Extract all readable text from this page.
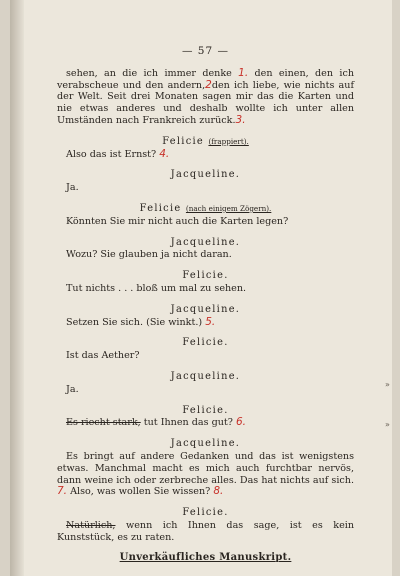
— 57 —
sehen, an die ich immer denke 1. den einen, den ich verabscheue und den andern,2den ich liebe, wie nichts auf der Welt. Seit drei Monaten sagen mir das die Karten und nie etwas anderes und deshalb wollte ich unter allen Umständen nach Frankreich zurück.3.
Felicie (frappiert).
Also das ist Ernst? 4.
Jacqueline.
Ja.
Felicie (nach einigem Zögern).
Könnten Sie mir nicht auch die Karten legen?
Jacqueline.
Wozu? Sie glauben ja nicht daran.
Felicie.
Tut nichts . . . bloß um mal zu sehen.
Jacqueline.
Setzen Sie sich. (Sie winkt.) 5.
Felicie.
Ist das Aether?
Jacqueline.
Ja.
Felicie.
Es riecht stark, tut Ihnen das gut? 6.
Jacqueline.
Es bringt auf andere Gedanken und das ist wenigstens etwas. Manchmal macht es mich auch furchtbar nervös, dann weine ich oder zerbreche alles. Das hat nichts auf sich. 7. Also, was wollen Sie wissen? 8.
Felicie.
Natürlich, wenn ich Ihnen das sage, ist es kein Kunststück, es zu raten.
Unverkäufliches Manuskript.
»
»
